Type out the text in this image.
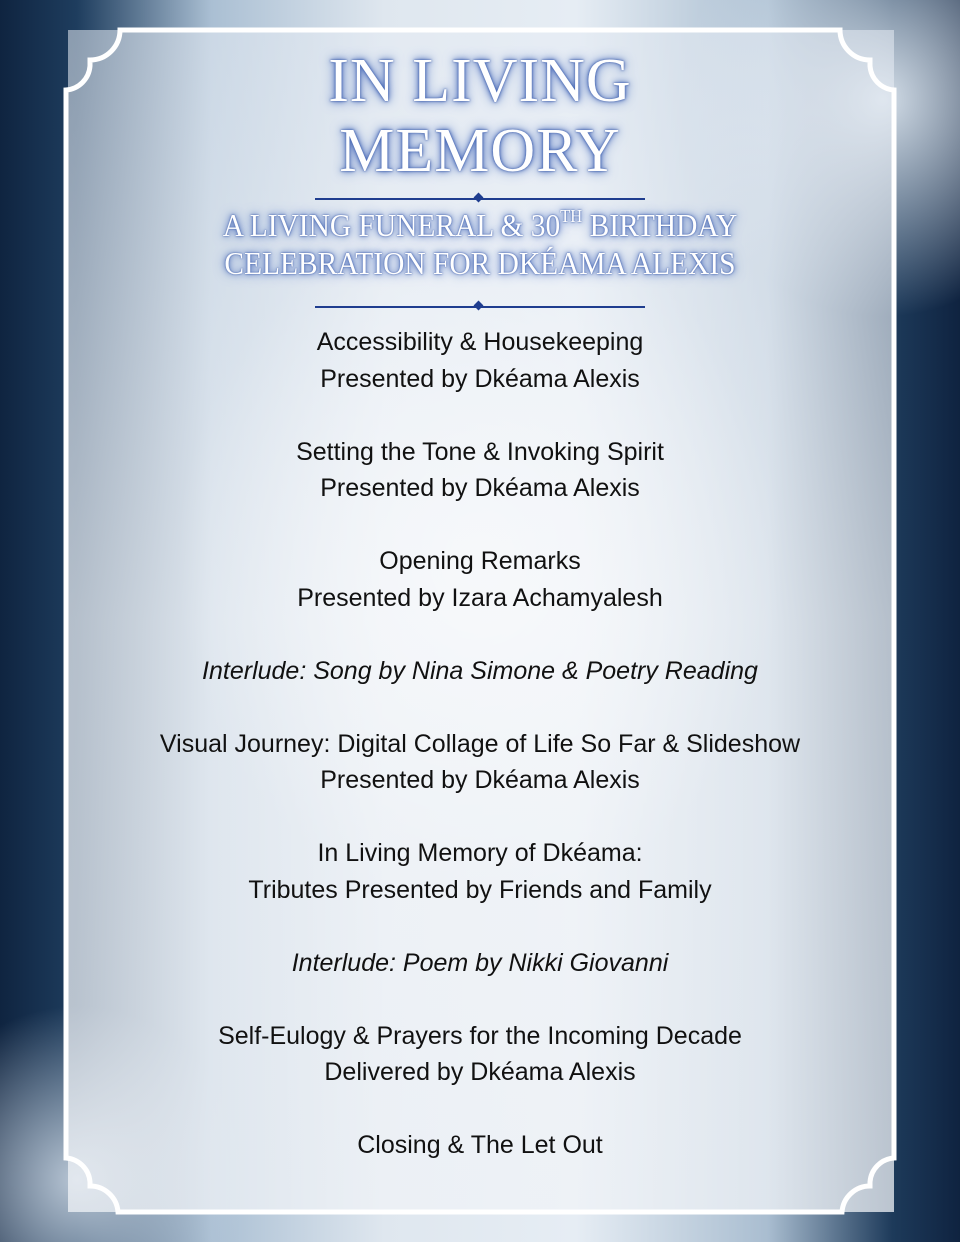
IN LIVING
MEMORY
A LIVING FUNERAL & 30TH BIRTHDAY
CELEBRATION FOR DKÉAMA ALEXIS
Accessibility & Housekeeping
Presented by Dkéama Alexis
Setting the Tone & Invoking Spirit
Presented by Dkéama Alexis
Opening Remarks
Presented by Izara Achamyalesh
Interlude: Song by Nina Simone & Poetry Reading
Visual Journey: Digital Collage of Life So Far & Slideshow
Presented by Dkéama Alexis
In Living Memory of Dkéama:
Tributes Presented by Friends and Family
Interlude: Poem by Nikki Giovanni
Self-Eulogy & Prayers for the Incoming Decade
Delivered by Dkéama Alexis
Closing & The Let Out
